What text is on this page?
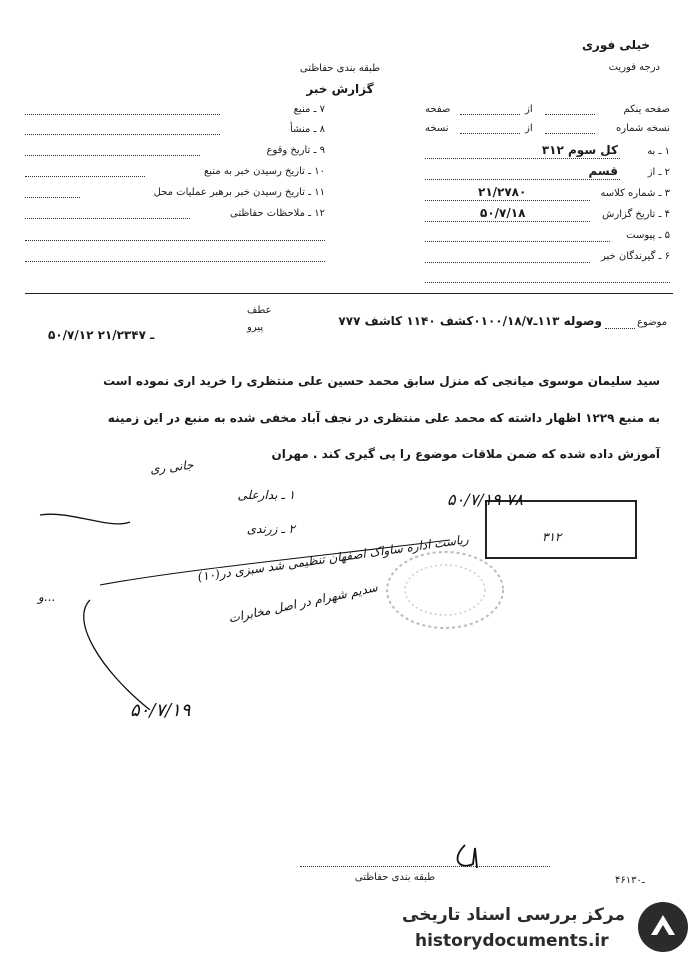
خیلی فوری
درجه فوریت
طبقه بندی حفاظتی
گزارش خبر
۷ ـ منبع
۸ ـ منشأ
۹ ـ تاریخ وقوع
۱۰ ـ تاریخ رسیدن خبر به منبع
۱۱ ـ تاریخ رسیدن خبر برهبر عملیات محل
۱۲ ـ ملاحظات حفاظتی
صفحه ینکم
از
صفحه
نسخه شماره
از
نسخه
۱ ـ به
کل سوم ۳۱۲
۲ ـ از
قسم
۳ ـ شماره کلاسه
۲۱/۲۷۸۰
۴ ـ تاریخ گزارش
۵۰/۷/۱۸
۵ ـ پیوست
۶ ـ گیرندگان خبر
موضوع
وصوله ۱۱۳ـ۰۱۰۰/۱۸/۷کشف ۱۱۴۰ کاشف ۷۷۷
عطف
پیرو
۵۰/۷/۱۲ ـ ۲۱/۲۳۴۷
سید سلیمان موسوی میانجی که منزل سابق محمد حسین علی منتظری را خرید اری نموده است
به منبع ۱۲۲۹ اظهار داشته که محمد علی منتظری در نجف آباد مخفی شده به منبع در این زمینه
آموزش داده شده که ضمن ملاقات موضوع را پی گیری کند . مهران
جانی ری
۱ ـ بدارعلی
۲ ـ زرندی
ریاست اداره ساواک اصفهان تنظیمی شد سبزی در(۱۰)
و...	سدیم شهرام در اصل مخابرات
۵۰/۷/۱۹
۵۰/۷/۱۹ ۷۸
۳۱۲
طبقه بندی حفاظتی	۴۶ـ۱۳۰
مرکز بررسی اسناد تاریخی
historydocuments.ir
